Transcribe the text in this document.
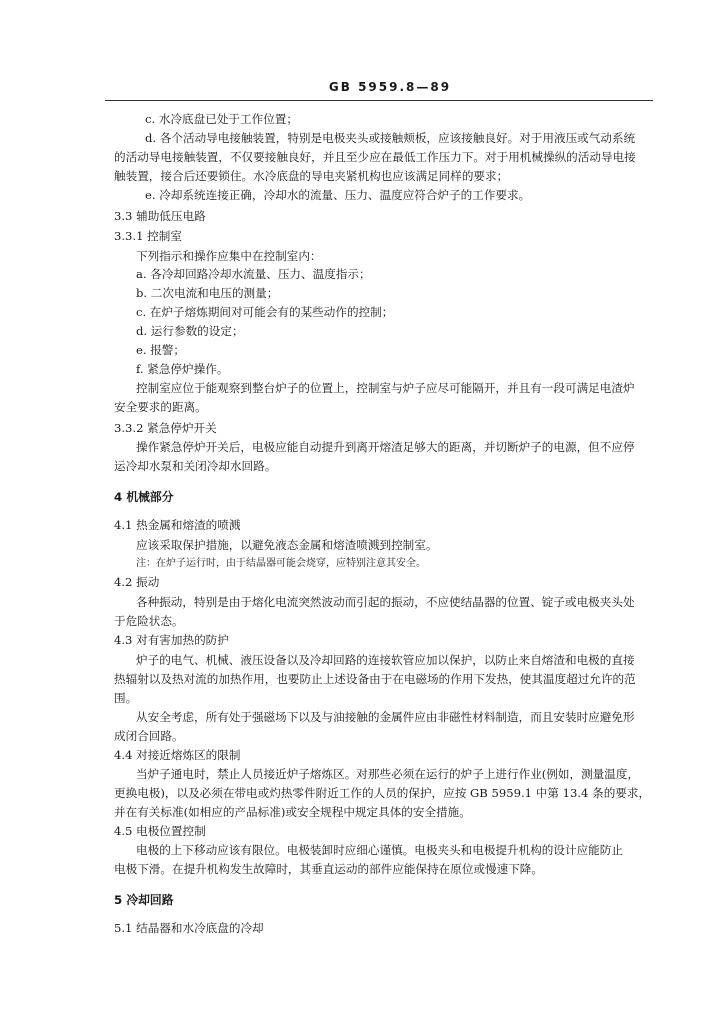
GB 5959.8—89
c. 水冷底盘已处于工作位置；
d. 各个活动导电接触装置，特别是电极夹头或接触颊板，应该接触良好。对于用液压或气动系统
的活动导电接触装置，不仅要接触良好，并且至少应在最低工作压力下。对于用机械操纵的活动导电接
触装置，接合后还要锁住。水冷底盘的导电夹紧机构也应该满足同样的要求；
e. 冷却系统连接正确，冷却水的流量、压力、温度应符合炉子的工作要求。
3.3 辅助低压电路
3.3.1 控制室
下列指示和操作应集中在控制室内：
a. 各冷却回路冷却水流量、压力、温度指示；
b. 二次电流和电压的测量；
c. 在炉子熔炼期间对可能会有的某些动作的控制；
d. 运行参数的设定；
e. 报警；
f. 紧急停炉操作。
控制室应位于能观察到整台炉子的位置上，控制室与炉子应尽可能隔开，并且有一段可满足电渣炉
安全要求的距离。
3.3.2 紧急停炉开关
操作紧急停炉开关后，电极应能自动提升到离开熔渣足够大的距离，并切断炉子的电源，但不应停
运冷却水泵和关闭冷却水回路。
4 机械部分
4.1 热金属和熔渣的喷溅
应该采取保护措施，以避免液态金属和熔渣喷溅到控制室。
注：在炉子运行时，由于结晶器可能会烧穿，应特别注意其安全。
4.2 振动
各种振动，特别是由于熔化电流突然波动而引起的振动，不应使结晶器的位置、锭子或电极夹头处
于危险状态。
4.3 对有害加热的防护
炉子的电气、机械、液压设备以及冷却回路的连接软管应加以保护，以防止来自熔渣和电极的直接
热辐射以及热对流的加热作用，也要防止上述设备由于在电磁场的作用下发热，使其温度超过允许的范
围。
从安全考虑，所有处于强磁场下以及与油接触的金属件应由非磁性材料制造，而且安装时应避免形
成闭合回路。
4.4 对接近熔炼区的限制
当炉子通电时，禁止人员接近炉子熔炼区。对那些必须在运行的炉子上进行作业(例如，测量温度，
更换电极)，以及必须在带电或灼热零件附近工作的人员的保护，应按 GB 5959.1 中第 13.4 条的要求，
并在有关标准(如相应的产品标准)或安全规程中规定具体的安全措施。
4.5 电极位置控制
电极的上下移动应该有限位。电极装卸时应细心谨慎。电极夹头和电极提升机构的设计应能防止
电极下滑。在提升机构发生故障时，其垂直运动的部件应能保持在原位或慢速下降。
5 冷却回路
5.1 结晶器和水冷底盘的冷却
